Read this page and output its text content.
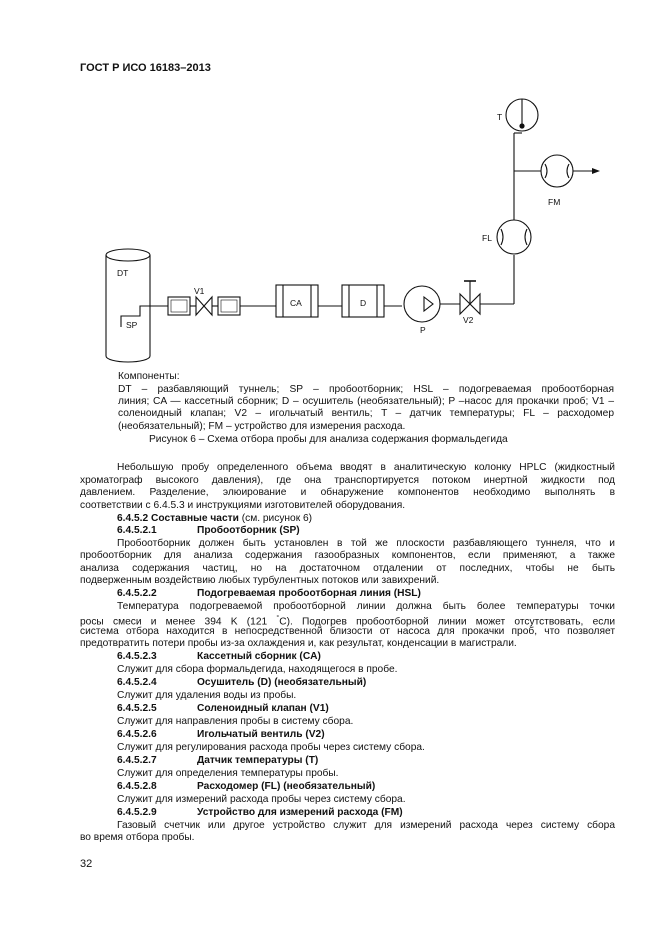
ГОСТ Р ИСО 16183–2013
DT
SP
V1
CA	D
P
V2
FL
T
FM
Компоненты:
DT – разбавляющий туннель; SP – пробоотборник; HSL – подогреваемая пробоотборная
линия; CA — кассетный сборник; D – осушитель (необязательный); P –насос для прокачки проб; V1 –
соленоидный клапан; V2 – игольчатый вентиль; T – датчик температуры; FL – расходомер
(необязательный); FM – устройство для измерения расхода.
Рисунок 6 – Схема отбора пробы для анализа содержания формальдегида
Небольшую пробу определенного объема вводят в аналитическую колонку HPLC (жидкостный
хроматограф высокого давления), где она транспортируется потоком инертной жидкости под
давлением. Разделение, элюирование и обнаружение компонентов необходимо выполнять в
соответствии с 6.4.5.3 и инструкциями изготовителей оборудования.
6.4.5.2 Составные части (см. рисунок 6)
6.4.5.2.1	Пробоотборник (SP)
Пробоотборник должен быть установлен в той же плоскости разбавляющего туннеля, что и
пробоотборник для анализа содержания газообразных компонентов, если применяют, а также
анализа содержания частиц, но на достаточном отдалении от последних, чтобы не быть
подверженным воздействию любых турбулентных потоков или завихрений.
6.4.5.2.2	Подогреваемая пробоотборная линия (HSL)
Температура подогреваемой пробоотборной линии должна быть более температуры точки
росы смеси и менее 394 K (121 °C). Подогрев пробоотборной линии может отсутствовать, если
система отбора находится в непосредственной близости от насоса для прокачки проб, что позволяет
предотвратить потери пробы из-за охлаждения и, как результат, конденсации в магистрали.
6.4.5.2.3	Кассетный сборник (CA)
Служит для сбора формальдегида, находящегося в пробе.
6.4.5.2.4	Осушитель (D) (необязательный)
Служит для удаления воды из пробы.
6.4.5.2.5	Соленоидный клапан (V1)
Служит для направления пробы в систему сбора.
6.4.5.2.6	Игольчатый вентиль (V2)
Служит для регулирования расхода пробы через систему сбора.
6.4.5.2.7	Датчик температуры (T)
Служит для определения температуры пробы.
6.4.5.2.8	Расходомер (FL) (необязательный)
Служит для измерений расхода пробы через систему сбора.
6.4.5.2.9	Устройство для измерений расхода (FM)
Газовый счетчик или другое устройство служит для измерений расхода через систему сбора
во время отбора пробы.
32
